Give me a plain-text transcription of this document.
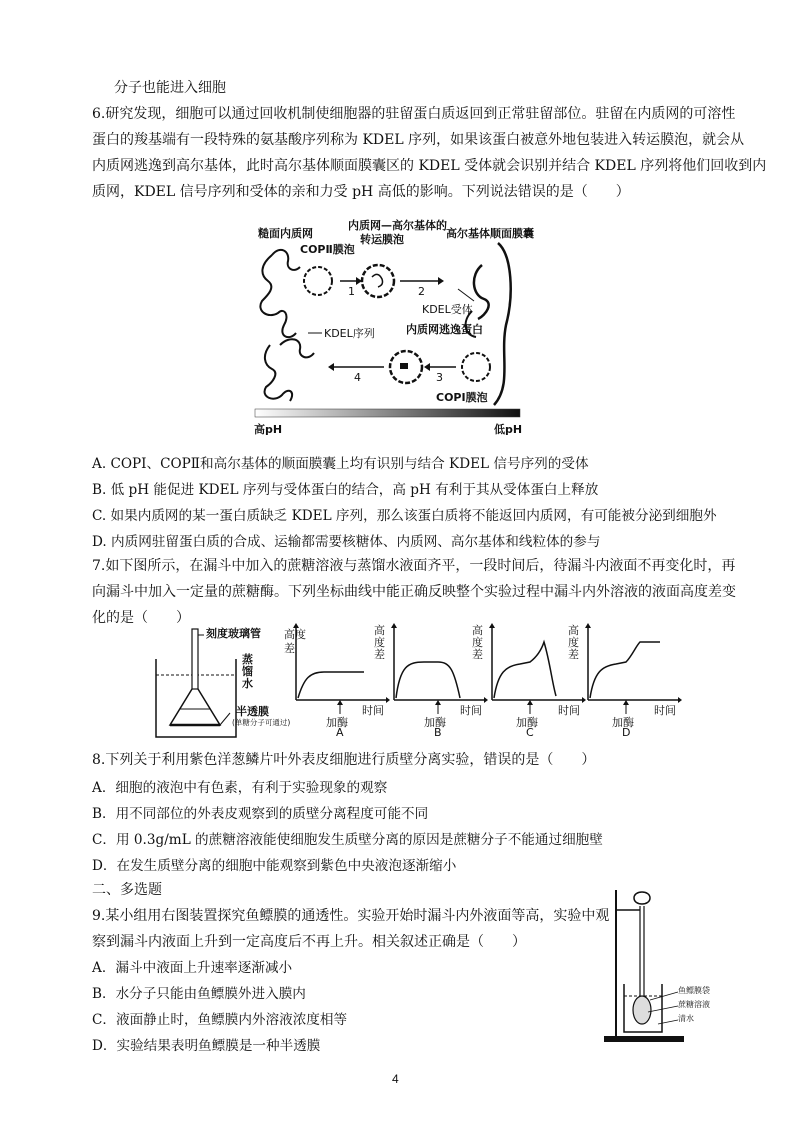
分子也能进入细胞
6.研究发现，细胞可以通过回收机制使细胞器的驻留蛋白质返回到正常驻留部位。驻留在内质网的可溶性
蛋白的羧基端有一段特殊的氨基酸序列称为 KDEL 序列，如果该蛋白被意外地包装进入转运膜泡，就会从
内质网逃逸到高尔基体，此时高尔基体顺面膜囊区的 KDEL 受体就会识别并结合 KDEL 序列将他们回收到内
质网，KDEL 信号序列和受体的亲和力受 pH 高低的影响。下列说法错误的是（　　）
糙面内质网
COPⅡ膜泡
内质网—高尔基体的
转运膜泡	高尔基体顺面膜囊
KDEL受体
KDEL序列	内质网逃逸蛋白
COPⅠ膜泡
1	2
3
4
高pH	低pH
A. COPⅠ、COPⅡ和高尔基体的顺面膜囊上均有识别与结合 KDEL 信号序列的受体
B. 低 pH 能促进 KDEL 序列与受体蛋白的结合，高 pH 有利于其从受体蛋白上释放
C. 如果内质网的某一蛋白质缺乏 KDEL 序列，那么该蛋白质将不能返回内质网，有可能被分泌到细胞外
D. 内质网驻留蛋白质的合成、运输都需要核糖体、内质网、高尔基体和线粒体的参与
7.如下图所示，在漏斗中加入的蔗糖溶液与蒸馏水液面齐平，一段时间后，待漏斗内液面不再变化时，再
向漏斗中加入一定量的蔗糖酶。下列坐标曲线中能正确反映整个实验过程中漏斗内外溶液的液面高度差变
化的是（　　）
刻度玻璃管
蒸
馏
水
半透膜
(单糖分子可通过)
高度
差
时间
加酶
A
高
度
差
时间
加酶
B
高
度
差
时间
加酶
C
高
度
差
时间
加酶
D
8.下列关于利用紫色洋葱鳞片叶外表皮细胞进行质壁分离实验，错误的是（　　）
A．细胞的液泡中有色素，有利于实验现象的观察
B．用不同部位的外表皮观察到的质壁分离程度可能不同
C．用 0.3g/mL 的蔗糖溶液能使细胞发生质壁分离的原因是蔗糖分子不能通过细胞壁
D．在发生质壁分离的细胞中能观察到紫色中央液泡逐渐缩小
二、多选题
9.某小组用右图装置探究鱼鳔膜的通透性。实验开始时漏斗内外液面等高，实验中观
察到漏斗内液面上升到一定高度后不再上升。相关叙述正确是（　　）
A．漏斗中液面上升速率逐渐减小
B．水分子只能由鱼鳔膜外进入膜内
C．液面静止时，鱼鳔膜内外溶液浓度相等
D．实验结果表明鱼鳔膜是一种半透膜
鱼鳔膜袋
蔗糖溶液
清水
4
